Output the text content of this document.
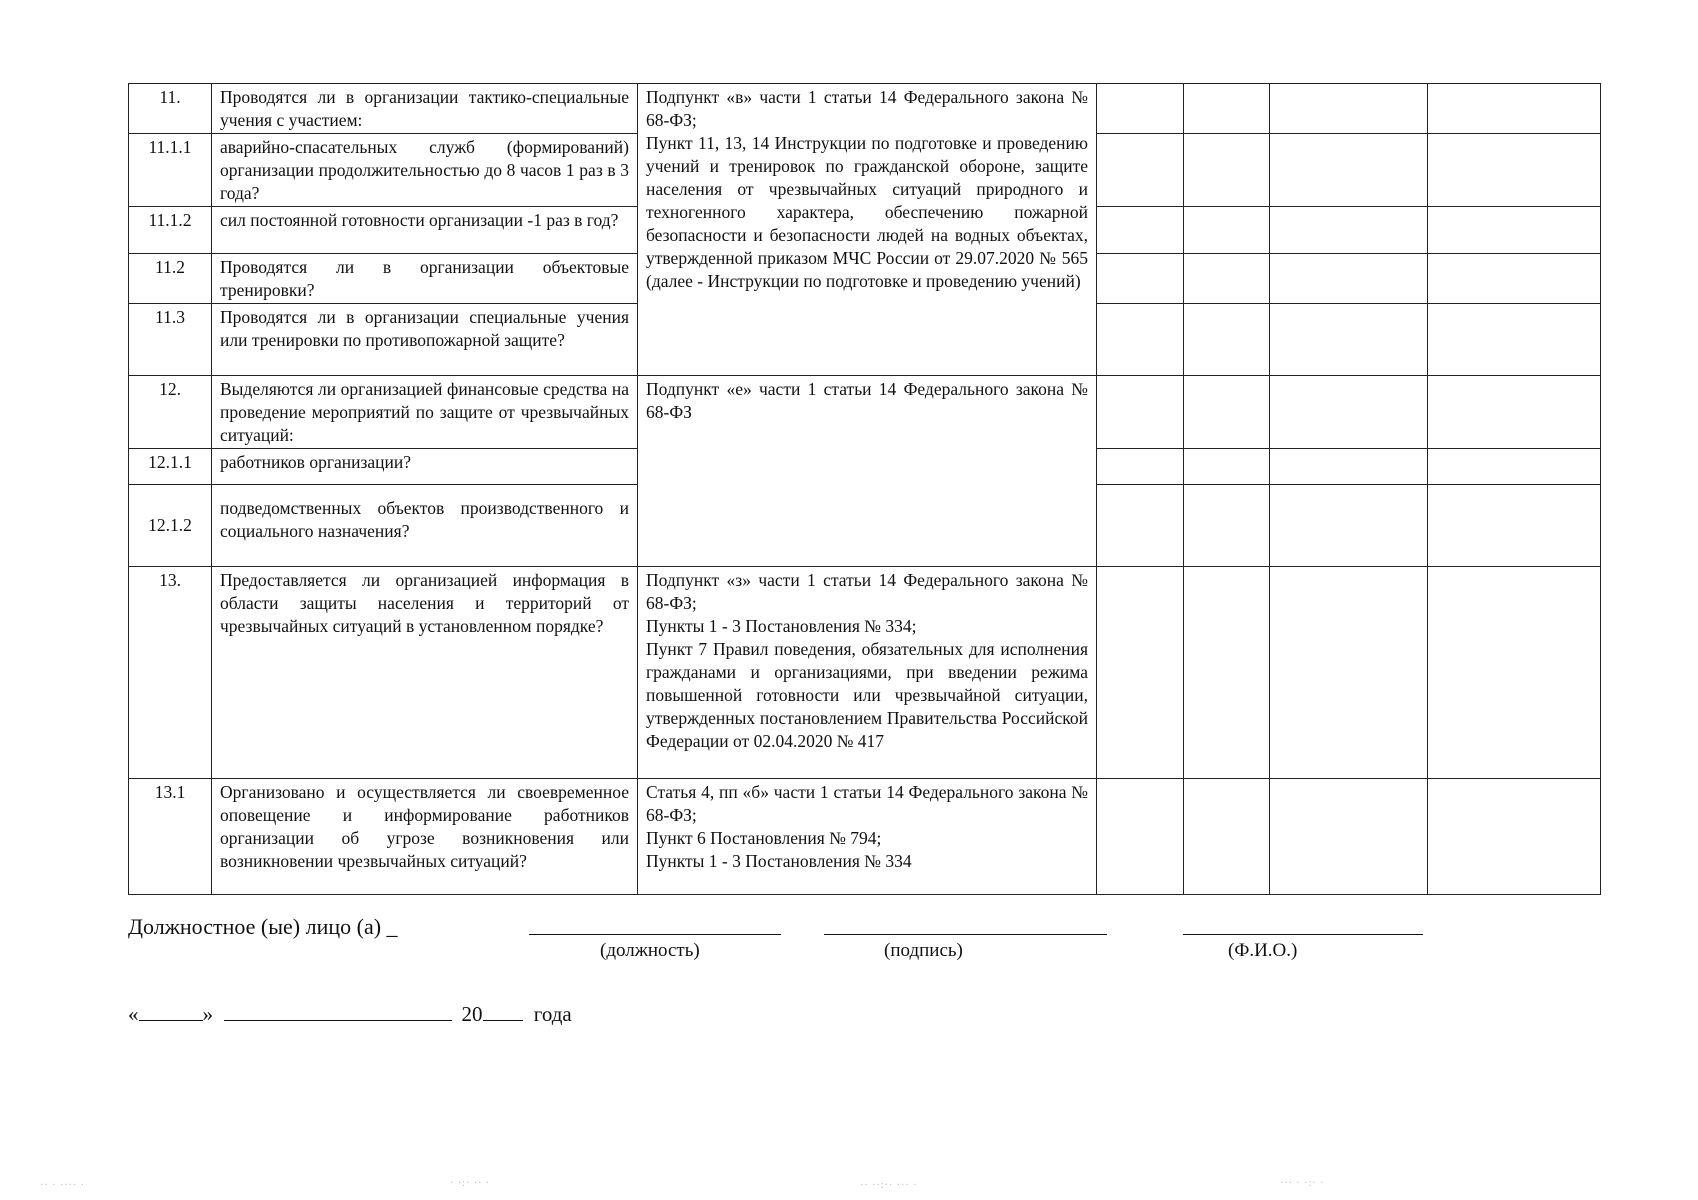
11.	Проводятся ли в организации тактико-специальные учения с участием:	Подпункт «в» части 1 статьи 14 Федерального закона № 68-ФЗ;
Пункт 11, 13, 14 Инструкции по подготовке и проведению учений и тренировок по гражданской обороне, защите населения от чрезвычайных ситуаций природного и техногенного характера, обеспечению пожарной безопасности и безопасности людей на водных объектах, утвержденной приказом МЧС России от 29.07.2020 № 565 (далее - Инструкции по подготовке и проведению учений)				

11.1.1	аварийно-спасательных служб (формирований) организации продолжительностью до 8 часов 1 раз в 3 года?					
11.1.2	сил постоянной готовности организации -1 раз в год?					
11.2	Проводятся ли в организации объектовые тренировки?					
11.3	Проводятся ли в организации специальные учения или тренировки по противопожарной защите?					
12.	Выделяются ли организацией финансовые средства на проведение мероприятий по защите от чрезвычайных ситуаций:	Подпункт «е» части 1 статьи 14 Федерального закона № 68-ФЗ				

12.1.1	работников организации?					
12.1.2	подведомственных объектов производственного и социального назначения?					
13.	Предоставляется ли организацией информация в области защиты населения и территорий от чрезвычайных ситуаций в установленном порядке?	Подпункт «з» части 1 статьи 14 Федерального закона № 68-ФЗ;
Пункты 1 - 3 Постановления № 334;
Пункт 7 Правил поведения, обязательных для исполнения гражданами и организациями, при введении режима повышенной готовности или чрезвычайной ситуации, утвержденных постановлением Правительства Российской Федерации от 02.04.2020 № 417				

13.1	Организовано и осуществляется ли своевременное оповещение и информирование работников организации об угрозе возникновения или возникновении чрезвычайных ситуаций?	Статья 4, пп «б» части 1 статьи 14 Федерального закона № 68-ФЗ;
Пункт 6 Постановления № 794;
Пункты 1 - 3 Постановления № 334				

Должностное (ые) лицо (а) _
(должность)	(подпись)	(Ф.И.О.)
«	»	20 года
·· · ···· ·	· ·:· ·· ·	·· ··:·· ··· ·	··· · ·:· ·
